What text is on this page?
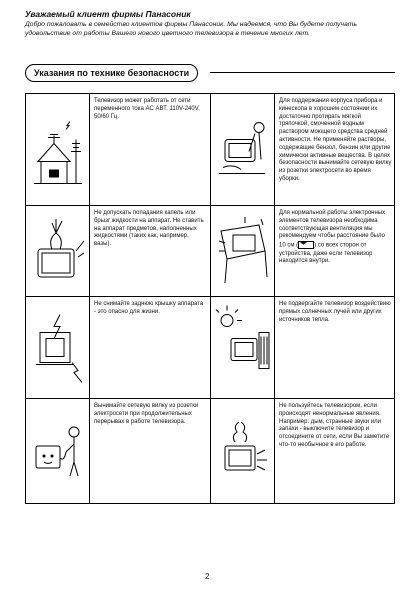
Уважаемый клиент фирмы Панасоник
Добро пожаловать в семейство клиентов фирмы Панасоник. Мы надеемся, что Вы будете получать удовольствие от работы Вашего нового цветного телевизора в течение многих лет.
Указания по технике безопасности

Телевизор может работать от сети переменного тока AC АВТ. 110V-240V, 50/60 Гц.

Для поддержания корпуса прибора и кинескопа в хорошем состоянии их достаточно протирать мягкой тряпочкой, смоченной водным раствором моющего средства средней активности. Не применяйте растворы, содержащие бензол, бензин или другие химически активные вещества. В целях безопасности вынимайте сетевую вилку из розетки электросети во время уборки.

Не допускать попадания капель или брызг жидкости на аппарат. Не ставить на аппарат предметов, наполненных жидкостями (таких как, например, вазы).

Для нормальной работы электронных элементов телевизора необходима соответствующая вентиляция мы рекомендуем чтобы расстояние было 10 см (◀▶	) со всех сторон от устройства, даже если телевизор находится внутри.

Не снимайте заднюю крышку аппарата - это опасно для жизни.

Не подвергайте телевизор воздействию прямых солнечных лучей или других источников тепла.

Вынимайте сетевую вилку из розетки электросети при продолжительных перерывах в работе телевизора.

Не пользуйтесь телевизором, если происходят ненормальные явления. Например: дым, странные звуки или запахи - выключите телевизор и отсоедините от сети, если Вы заметите что-то необычное в его работе.

2
